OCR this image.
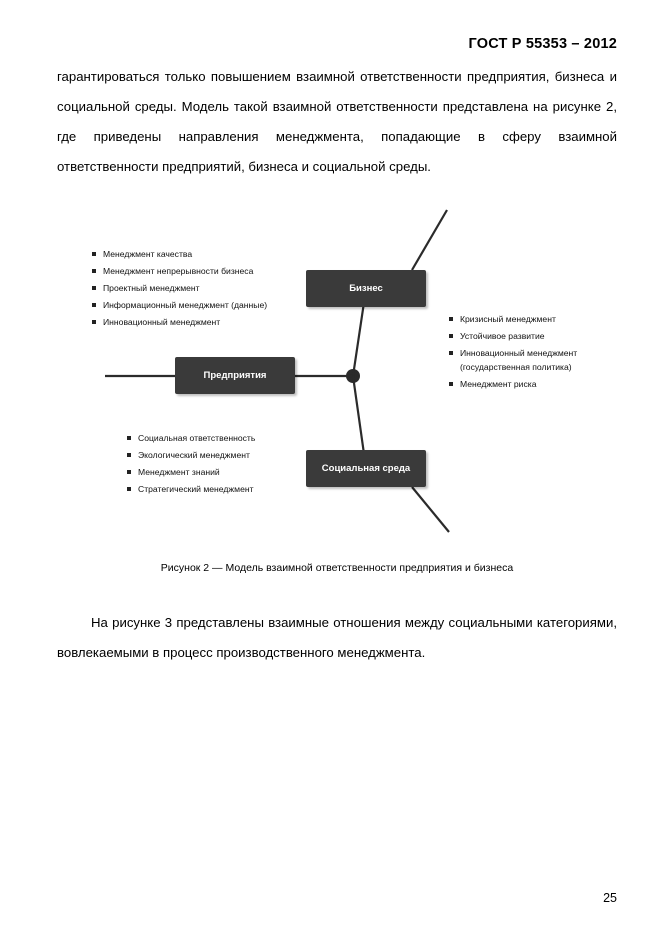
ГОСТ Р 55353 – 2012

гарантироваться только повышением взаимной ответственности предприятия, бизнеса и социальной среды. Модель такой взаимной ответственности представлена на рисунке 2, где приведены направления менеджмента, попадающие в сферу взаимной ответственности предприятий, бизнеса и социальной среды.

Бизнес
Предприятия
Социальная среда
Менеджмент качества
Менеджмент непрерывности бизнеса
Проектный менеджмент
Информационный менеджмент (данные)
Инновационный менеджмент
Социальная ответственность
Экологический менеджмент
Менеджмент знаний
Стратегический менеджмент
Кризисный менеджмент
Устойчивое развитие
Инновационный менеджмент (государственная политика)
Менеджмент риска
Рисунок 2 — Модель взаимной ответственности предприятия и бизнеса

На рисунке 3 представлены взаимные отношения между социальными категориями, вовлекаемыми в процесс производственного менеджмента.

25
